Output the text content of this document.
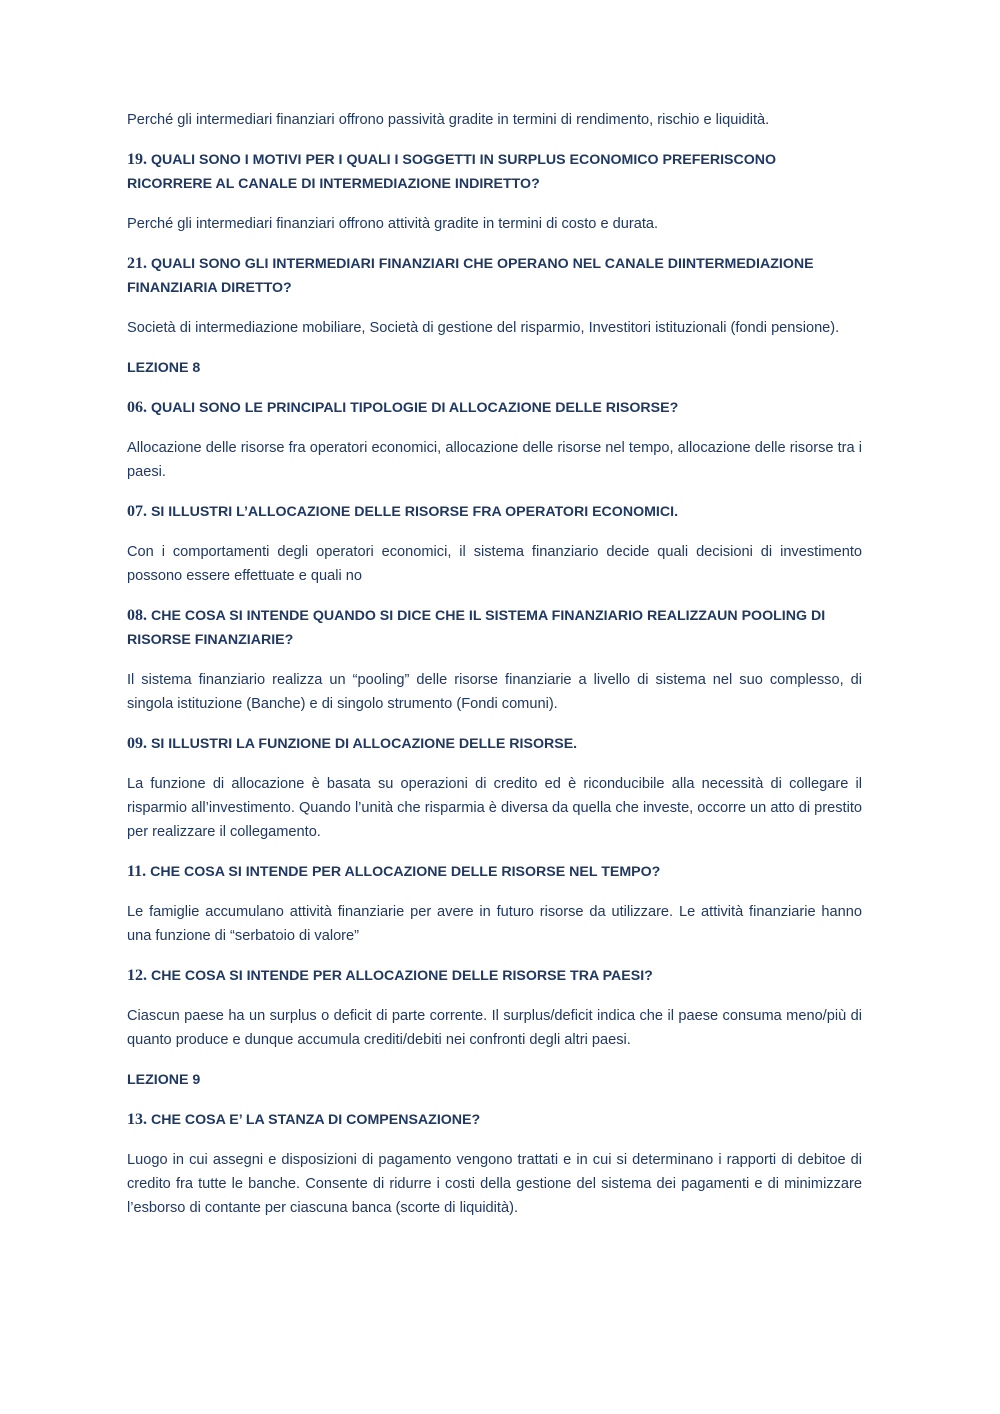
Perché gli intermediari finanziari offrono passività gradite in termini di rendimento, rischio e liquidità.

19. QUALI SONO I MOTIVI PER I QUALI I SOGGETTI IN SURPLUS ECONOMICO PREFERISCONO RICORRERE AL CANALE DI INTERMEDIAZIONE INDIRETTO?

Perché gli intermediari finanziari offrono attività gradite in termini di costo e durata.

21. QUALI SONO GLI INTERMEDIARI FINANZIARI CHE OPERANO NEL CANALE DIINTERMEDIAZIONE FINANZIARIA DIRETTO?

Società di intermediazione mobiliare, Società di gestione del risparmio, Investitori istituzionali (fondi pensione).

LEZIONE 8

06. QUALI SONO LE PRINCIPALI TIPOLOGIE DI ALLOCAZIONE DELLE RISORSE?

Allocazione delle risorse fra operatori economici, allocazione delle risorse nel tempo, allocazione delle risorse tra i paesi.

07. SI ILLUSTRI L’ALLOCAZIONE DELLE RISORSE FRA OPERATORI ECONOMICI.

Con i comportamenti degli operatori economici, il sistema finanziario decide quali decisioni di investimento possono essere effettuate e quali no

08. CHE COSA SI INTENDE QUANDO SI DICE CHE IL SISTEMA FINANZIARIO REALIZZAUN POOLING DI RISORSE FINANZIARIE?

Il sistema finanziario realizza un “pooling” delle risorse finanziarie a livello di sistema nel suo complesso, di singola istituzione (Banche) e di singolo strumento (Fondi comuni).

09. SI ILLUSTRI LA FUNZIONE DI ALLOCAZIONE DELLE RISORSE.

La funzione di allocazione è basata su operazioni di credito ed è riconducibile alla necessità di collegare il risparmio all’investimento. Quando l’unità che risparmia è diversa da quella che investe, occorre un atto di prestito per realizzare il collegamento.

11. CHE COSA SI INTENDE PER ALLOCAZIONE DELLE RISORSE NEL TEMPO?

Le famiglie accumulano attività finanziarie per avere in futuro risorse da utilizzare. Le attività finanziarie hanno una funzione di “serbatoio di valore”

12. CHE COSA SI INTENDE PER ALLOCAZIONE DELLE RISORSE TRA PAESI?

Ciascun paese ha un surplus o deficit di parte corrente. Il surplus/deficit indica che il paese consuma meno/più di quanto produce e dunque accumula crediti/debiti nei confronti degli altri paesi.

LEZIONE 9

13. CHE COSA E’ LA STANZA DI COMPENSAZIONE?

Luogo in cui assegni e disposizioni di pagamento vengono trattati e in cui si determinano i rapporti di debitoe di credito fra tutte le banche. Consente di ridurre i costi della gestione del sistema dei pagamenti e di minimizzare l’esborso di contante per ciascuna banca (scorte di liquidità).
